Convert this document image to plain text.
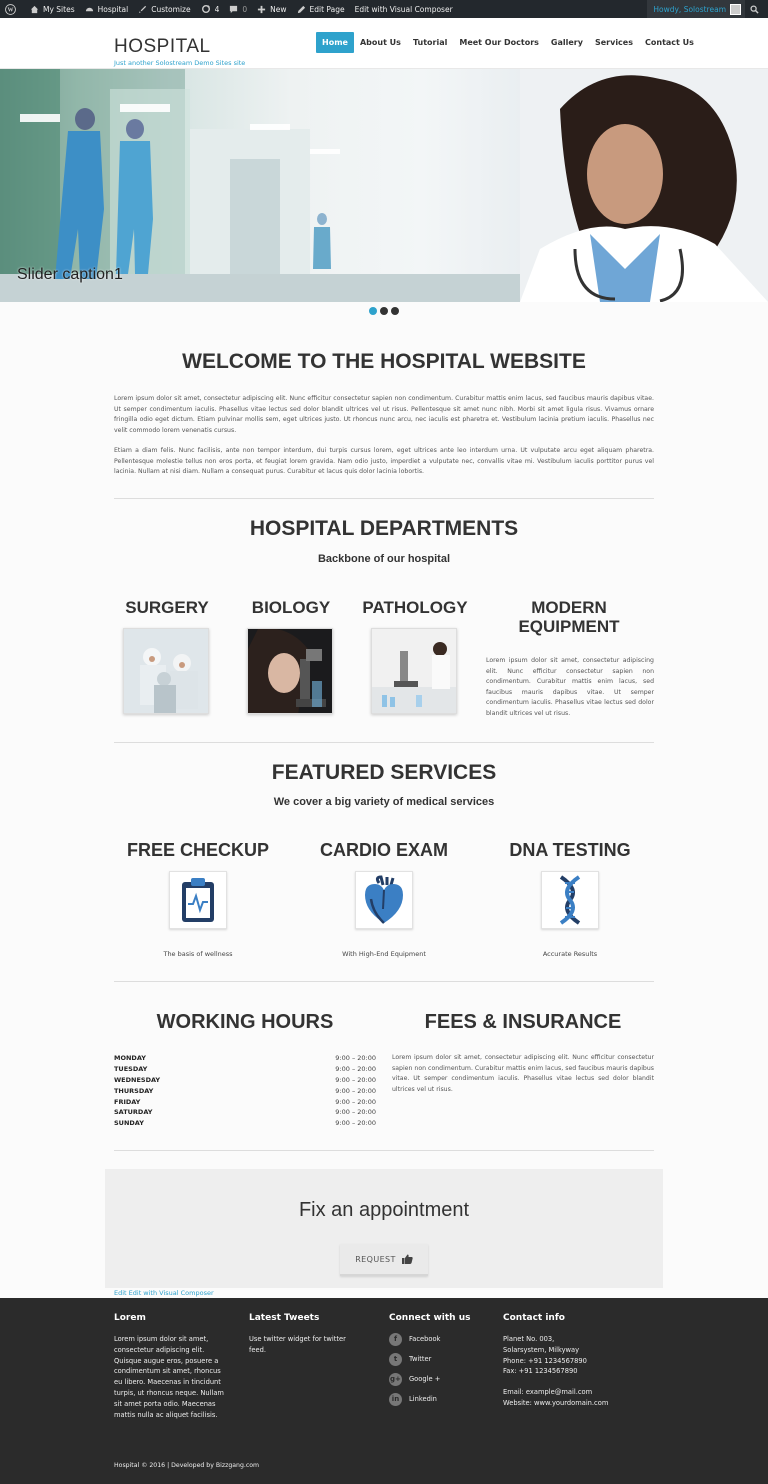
W	My Sites	Hospital	Customize	4	0	New	Edit Page Edit with Visual Composer	Howdy, Solostream
HOSPITAL
Just another Solostream Demo Sites site
Home	About Us	Tutorial	Meet Our Doctors	Gallery	Services	Contact Us
Slider caption1
WELCOME TO THE HOSPITAL WEBSITE

Lorem ipsum dolor sit amet, consectetur adipiscing elit. Nunc efficitur consectetur sapien non condimentum. Curabitur mattis enim lacus, sed faucibus mauris dapibus vitae. Ut semper condimentum iaculis. Phasellus vitae lectus sed dolor blandit ultrices vel ut risus. Pellentesque sit amet nunc nibh. Morbi sit amet ligula risus. Vivamus ornare fringilla odio eget dictum. Etiam pulvinar mollis sem, eget ultrices justo. Ut rhoncus nunc arcu, nec iaculis est pharetra et. Vestibulum lacinia pretium iaculis. Phasellus nec velit commodo lorem venenatis cursus.

Etiam a diam felis. Nunc facilisis, ante non tempor interdum, dui turpis cursus lorem, eget ultrices ante leo interdum urna. Ut vulputate arcu eget aliquam pharetra. Pellentesque molestie tellus non eros porta, et feugiat lorem gravida. Nam odio justo, imperdiet a vulputate nec, convallis vitae mi. Vestibulum iaculis porttitor purus vel lacinia. Nullam at nisi diam. Nullam a consequat purus. Curabitur et lacus quis dolor lacinia lobortis.

HOSPITAL DEPARTMENTS
Backbone of our hospital
SURGERY	BIOLOGY	PATHOLOGY	MODERN
EQUIPMENT

Lorem ipsum dolor sit amet, consectetur adipiscing elit. Nunc efficitur consectetur sapien non condimentum. Curabitur mattis enim lacus, sed faucibus mauris dapibus vitae. Ut semper condimentum iaculis. Phasellus vitae lectus sed dolor blandit ultrices vel ut risus.

FEATURED SERVICES
We cover a big variety of medical services
FREE CHECKUP
The basis of wellness
CARDIO EXAM
With High-End Equipment
DNA TESTING
Accurate Results
WORKING HOURS
MONDAY	9:00 – 20:00
TUESDAY	9:00 – 20:00
WEDNESDAY	9:00 – 20:00
THURSDAY	9:00 – 20:00
FRIDAY	9:00 – 20:00
SATURDAY	9:00 – 20:00
SUNDAY	9:00 – 20:00
FEES & INSURANCE

Lorem ipsum dolor sit amet, consectetur adipiscing elit. Nunc efficitur consectetur sapien non condimentum. Curabitur mattis enim lacus, sed faucibus mauris dapibus vitae. Ut semper condimentum iaculis. Phasellus vitae lectus sed dolor blandit ultrices vel ut risus.

Fix an appointment
REQUEST
Edit Edit with Visual Composer
Lorem

Lorem ipsum dolor sit amet, consectetur adipiscing elit. Quisque augue eros, posuere a condimentum sit amet, rhoncus eu libero. Maecenas in tincidunt turpis, ut rhoncus neque. Nullam sit amet porta odio. Maecenas mattis nulla ac aliquet facilisis.

Latest Tweets

Use twitter widget for twitter feed.

Connect with us
f	Facebook
t	Twitter
g+ Google +
in	Linkedin
Contact info
Planet No. 003,
Solarsystem, Milkyway
Phone: +91 1234567890
Fax: +91 1234567890
Email: example@mail.com
Website: www.yourdomain.com
Hospital © 2016 | Developed by Bizzgang.com
